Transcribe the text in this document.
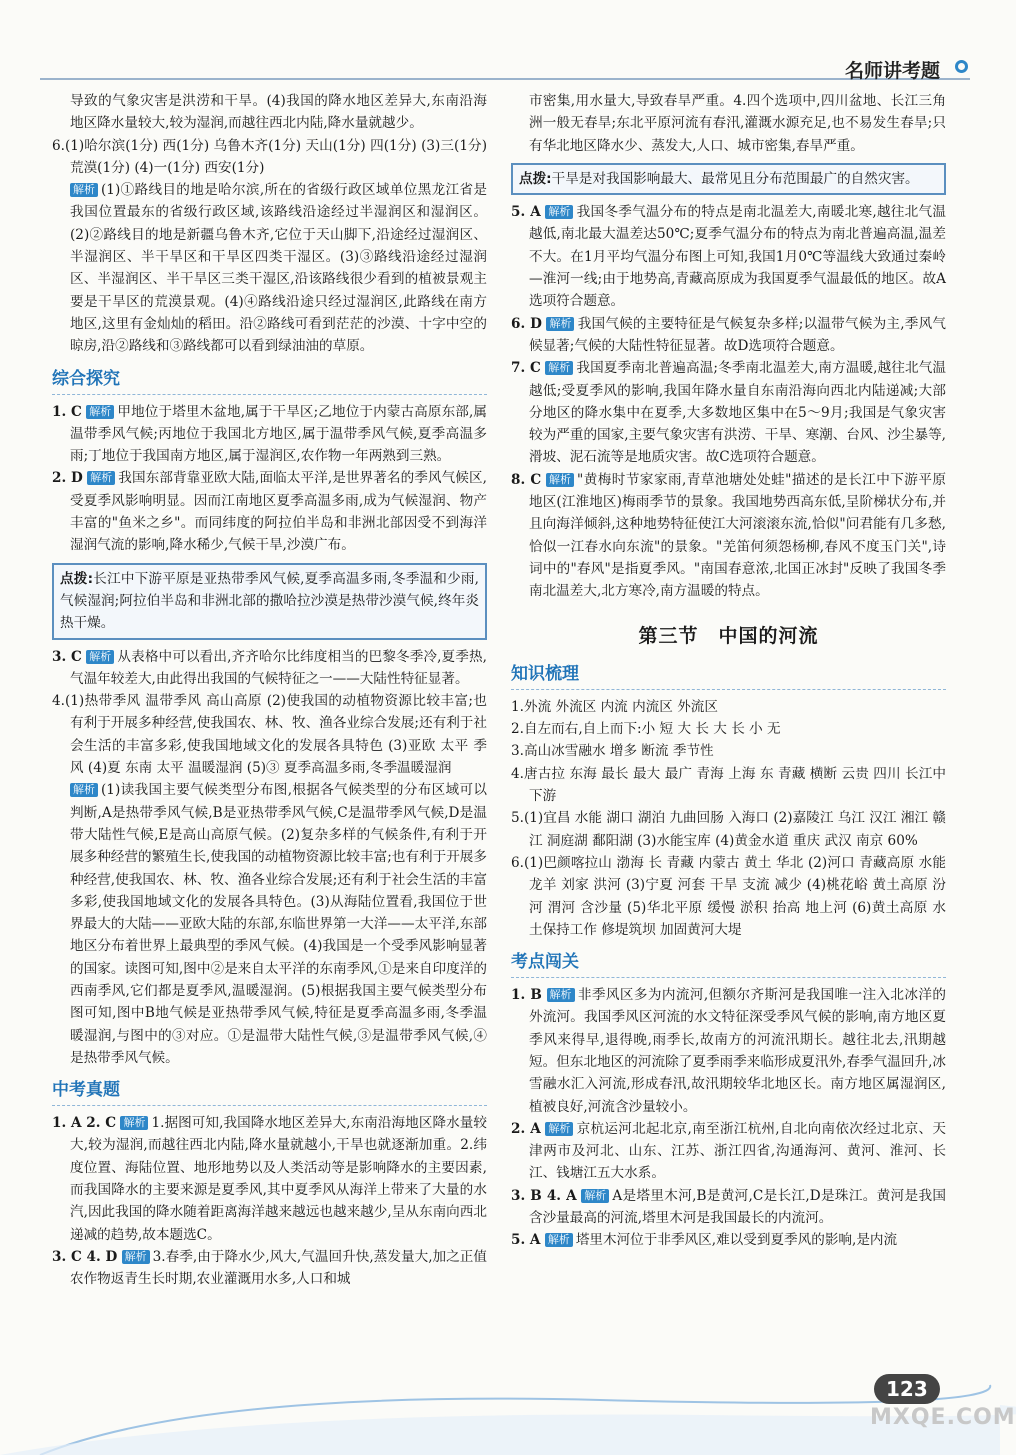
名师讲考题

导致的气象灾害是洪涝和干旱。(4)我国的降水地区差异大,东南沿海地区降水量较大,较为湿润,而越往西北内陆,降水量就越少。

6.(1)哈尔滨(1分) 西(1分) 乌鲁木齐(1分) 天山(1分) 四(1分) (3)三(1分) 荒漠(1分) (4)一(1分) 西安(1分)

解析 (1)①路线目的地是哈尔滨,所在的省级行政区域单位黑龙江省是我国位置最东的省级行政区域,该路线沿途经过半湿润区和湿润区。(2)②路线目的地是新疆乌鲁木齐,它位于天山脚下,沿途经过湿润区、半湿润区、半干旱区和干旱区四类干湿区。(3)③路线沿途经过湿润区、半湿润区、半干旱区三类干湿区,沿该路线很少看到的植被景观主要是干旱区的荒漠景观。(4)④路线沿途只经过湿润区,此路线在南方地区,这里有金灿灿的稻田。沿②路线可看到茫茫的沙漠、十字中空的晾房,沿②路线和③路线都可以看到绿油油的草原。

综合探究

1. C 解析 甲地位于塔里木盆地,属于干旱区;乙地位于内蒙古高原东部,属温带季风气候;丙地位于我国北方地区,属于温带季风气候,夏季高温多雨;丁地位于我国南方地区,属于湿润区,农作物一年两熟到三熟。

2. D 解析 我国东部背靠亚欧大陆,面临太平洋,是世界著名的季风气候区,受夏季风影响明显。因而江南地区夏季高温多雨,成为气候湿润、物产丰富的"鱼米之乡"。而同纬度的阿拉伯半岛和非洲北部因受不到海洋湿润气流的影响,降水稀少,气候干旱,沙漠广布。

点拨:长江中下游平原是亚热带季风气候,夏季高温多雨,冬季温和少雨,气候湿润;阿拉伯半岛和非洲北部的撒哈拉沙漠是热带沙漠气候,终年炎热干燥。

3. C 解析 从表格中可以看出,齐齐哈尔比纬度相当的巴黎冬季冷,夏季热,气温年较差大,由此得出我国的气候特征之一——大陆性特征显著。

4.(1)热带季风 温带季风 高山高原 (2)使我国的动植物资源比较丰富;也有利于开展多种经营,使我国农、林、牧、渔各业综合发展;还有利于社会生活的丰富多彩,使我国地域文化的发展各具特色 (3)亚欧 太平 季风 (4)夏 东南 太平 温暖湿润 (5)③ 夏季高温多雨,冬季温暖湿润

解析 (1)读我国主要气候类型分布图,根据各气候类型的分布区域可以判断,A是热带季风气候,B是亚热带季风气候,C是温带季风气候,D是温带大陆性气候,E是高山高原气候。(2)复杂多样的气候条件,有利于开展多种经营的繁殖生长,使我国的动植物资源比较丰富;也有利于开展多种经营,使我国农、林、牧、渔各业综合发展;还有利于社会生活的丰富多彩,使我国地域文化的发展各具特色。(3)从海陆位置看,我国位于世界最大的大陆——亚欧大陆的东部,东临世界第一大洋——太平洋,东部地区分布着世界上最典型的季风气候。(4)我国是一个受季风影响显著的国家。读图可知,图中②是来自太平洋的东南季风,①是来自印度洋的西南季风,它们都是夏季风,温暖湿润。(5)根据我国主要气候类型分布图可知,图中B地气候是亚热带季风气候,特征是夏季高温多雨,冬季温暖湿润,与图中的③对应。①是温带大陆性气候,③是温带季风气候,④是热带季风气候。

中考真题

1. A 2. C 解析 1.据图可知,我国降水地区差异大,东南沿海地区降水量较大,较为湿润,而越往西北内陆,降水量就越小,干旱也就逐渐加重。2.纬度位置、海陆位置、地形地势以及人类活动等是影响降水的主要因素,而我国降水的主要来源是夏季风,其中夏季风从海洋上带来了大量的水汽,因此我国的降水随着距离海洋越来越远也越来越少,呈从东南向西北递减的趋势,故本题选C。

3. C 4. D 解析 3.春季,由于降水少,风大,气温回升快,蒸发量大,加之正值农作物返青生长时期,农业灌溉用水多,人口和城

市密集,用水量大,导致春旱严重。4.四个选项中,四川盆地、长江三角洲一般无春旱;东北平原河流有春汛,灌溉水源充足,也不易发生春旱;只有华北地区降水少、蒸发大,人口、城市密集,春旱严重。

点拨:干旱是对我国影响最大、最常见且分布范围最广的自然灾害。

5. A 解析 我国冬季气温分布的特点是南北温差大,南暖北寒,越往北气温越低,南北最大温差达50℃;夏季气温分布的特点为南北普遍高温,温差不大。在1月平均气温分布图上可知,我国1月0℃等温线大致通过秦岭—淮河一线;由于地势高,青藏高原成为我国夏季气温最低的地区。故A选项符合题意。

6. D 解析 我国气候的主要特征是气候复杂多样;以温带气候为主,季风气候显著;气候的大陆性特征显著。故D选项符合题意。

7. C 解析 我国夏季南北普遍高温;冬季南北温差大,南方温暖,越往北气温越低;受夏季风的影响,我国年降水量自东南沿海向西北内陆递减;大部分地区的降水集中在夏季,大多数地区集中在5～9月;我国是气象灾害较为严重的国家,主要气象灾害有洪涝、干旱、寒潮、台风、沙尘暴等,滑坡、泥石流等是地质灾害。故C选项符合题意。

8. C 解析 "黄梅时节家家雨,青草池塘处处蛙"描述的是长江中下游平原地区(江淮地区)梅雨季节的景象。我国地势西高东低,呈阶梯状分布,并且向海洋倾斜,这种地势特征使江大河滚滚东流,恰似"问君能有几多愁,恰似一江春水向东流"的景象。"羌笛何须怨杨柳,春风不度玉门关",诗词中的"春风"是指夏季风。"南国春意浓,北国正冰封"反映了我国冬季南北温差大,北方寒冷,南方温暖的特点。

第三节　中国的河流
知识梳理

1.外流 外流区 内流 内流区 外流区

2.自左而右,自上而下:小 短 大 长 大 长 小 无

3.高山冰雪融水 增多 断流 季节性

4.唐古拉 东海 最长 最大 最广 青海 上海 东 青藏 横断 云贵 四川 长江中下游

5.(1)宜昌 水能 湖口 湖泊 九曲回肠 入海口 (2)嘉陵江 乌江 汉江 湘江 赣江 洞庭湖 鄱阳湖 (3)水能宝库 (4)黄金水道 重庆 武汉 南京 60%

6.(1)巴颜喀拉山 渤海 长 青藏 内蒙古 黄土 华北 (2)河口 青藏高原 水能 龙羊 刘家 洪河 (3)宁夏 河套 干旱 支流 减少 (4)桃花峪 黄土高原 汾河 渭河 含沙量 (5)华北平原 缓慢 淤积 抬高 地上河 (6)黄土高原 水土保持工作 修堤筑坝 加固黄河大堤

考点闯关

1. B 解析 非季风区多为内流河,但额尔齐斯河是我国唯一注入北冰洋的外流河。我国季风区河流的水文特征深受季风气候的影响,南方地区夏季风来得早,退得晚,雨季长,故南方的河流汛期长。越往北去,汛期越短。但东北地区的河流除了夏季雨季来临形成夏汛外,春季气温回升,冰雪融水汇入河流,形成春汛,故汛期较华北地区长。南方地区属湿润区,植被良好,河流含沙量较小。

2. A 解析 京杭运河北起北京,南至浙江杭州,自北向南依次经过北京、天津两市及河北、山东、江苏、浙江四省,沟通海河、黄河、淮河、长江、钱塘江五大水系。

3. B 4. A 解析 A是塔里木河,B是黄河,C是长江,D是珠江。黄河是我国含沙量最高的河流,塔里木河是我国最长的内流河。

5. A 解析 塔里木河位于非季风区,难以受到夏季风的影响,是内流

123
MXQE.COM
